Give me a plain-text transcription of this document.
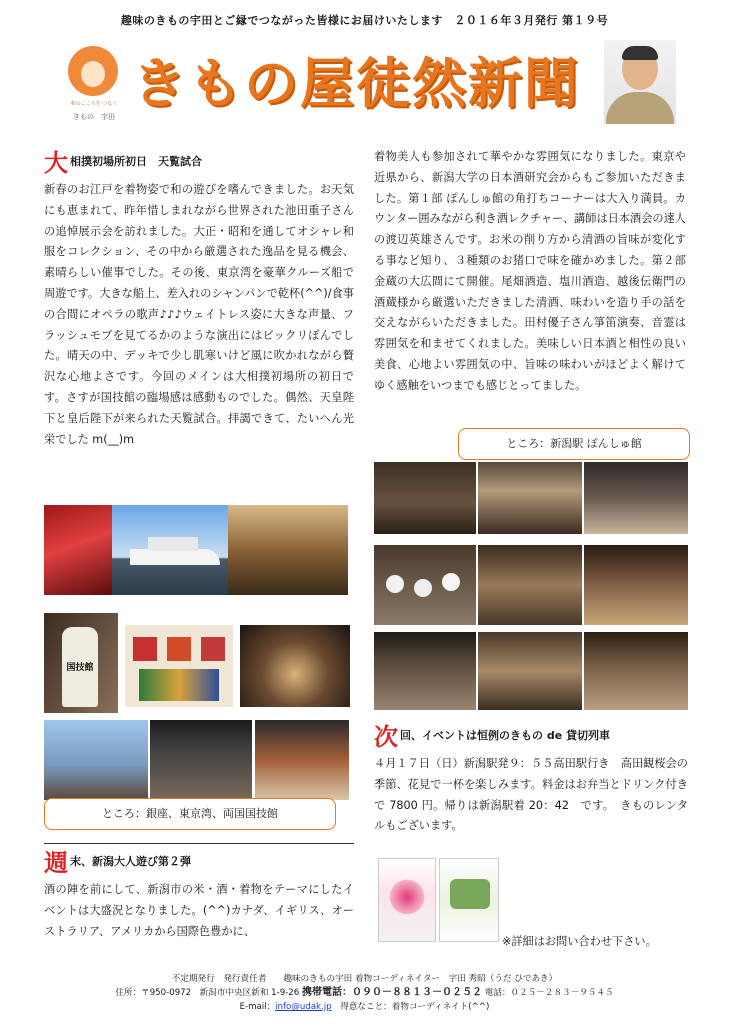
趣味のきもの宇田とご縁でつながった皆様にお届けいたします　２０１６年３月発行 第１９号
和のこころを つなぐ
きもの　宇田
きもの屋徒然新聞
大 相撲初場所初日　天覧試合

新春のお江戸を着物姿で和の遊びを嗜んできました。お天気にも恵まれて、昨年惜しまれながら世界された池田重子さんの追悼展示会を訪れました。大正・昭和を通してオシャレ和服をコレクション、その中から厳選された逸品を見る機会、素晴らしい催事でした。その後、東京湾を豪華クルーズ船で周遊です。大きな船上、差入れのシャンパンで乾杯(^^)/食事の合間にオペラの歌声♪♪♪ウェイトレス姿に大きな声量、フラッシュモブを見てるかのような演出にはビックリぽんでした。晴天の中、デッキで少し肌寒いけど風に吹かれながら贅沢な心地よさです。今回のメインは大相撲初場所の初日です。さすが国技館の臨場感は感動ものでした。偶然、天皇陛下と皇后陛下が来られた天覧試合。拝謁できて、たいへん光栄でした m(__)m

国技館
ところ：銀座、東京湾、両国国技館
週 末、新潟大人遊び第２弾

酒の陣を前にして、新潟市の米・酒・着物をテーマにしたイベントは大盛況となりました。(^^)カナダ、イギリス、オーストラリア、アメリカから国際色豊かに、

着物美人も参加されて華やかな雰囲気になりました。東京や近県から、新潟大学の日本酒研究会からもご参加いただきました。第１部 ぽんしゅ館の角打ちコーナーは大入り満員。カウンター囲みながら利き酒レクチャー、講師は日本酒会の達人の渡辺英雄さんです。お米の削り方から清酒の旨味が変化する事など知り、３種類のお猪口で味を確かめました。第２部 金蔵の大広間にて開催。尾畑酒造、塩川酒造、越後伝衛門の酒蔵様から厳選いただきました清酒、味わいを造り手の話を交えながらいただきました。田村優子さん箏笛演奏、音霊は雰囲気を和ませてくれました。美味しい日本酒と相性の良い美食、心地よい雰囲気の中、旨味の味わいがほどよく解けてゆく感触をいつまでも感じとってました。

ところ：新潟駅 ぽんしゅ館
次 回、イベントは恒例のきもの de 貸切列車

４月１７日（日）新潟駅発９：５５高田駅行き　高田観桜会の季節、花見で一杯を楽しみます。料金はお弁当とドリンク付きで 7800 円。帰りは新潟駅着 20：42　です。　きものレンタルもございます。

※詳細はお問い合わせ下さい。
不定期発行　発行責任者　　趣味のきもの宇田 着物コーディネイター　宇田 秀昭（うだ ひであき）
住所：〒950-0972　新潟市中央区新和 1-9-26 携帯電話：０９０－８８１３－０２５２ 電話：０２５－２８３－９５４５
E-mail：info@udak.jp　得意なこと：着物コーディネイト(^^)
